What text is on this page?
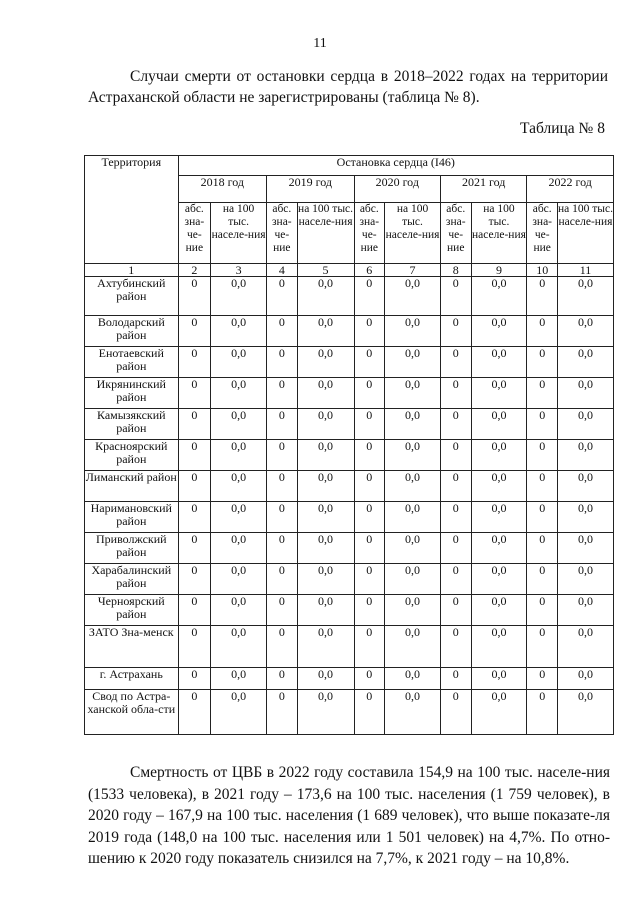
11

Случаи смерти от остановки сердца в 2018–2022 годах на территории Астраханской области не зарегистрированы (таблица № 8).

Таблица № 8
Территория	Остановка сердца (I46)									
	2018 год		2019 год		2020 год		2021 год		2022 год	
	абс. зна-че-ние	на 100 тыс. населе-ния	абс. зна-че-ние	на 100 тыс. населе-ния	абс. зна-че-ние	на 100 тыс. населе-ния	абс. зна-че-ние	на 100 тыс. населе-ния	абс. зна-че-ние	на 100 тыс. населе-ния
1	2	3	4	5	6	7	8	9	10	11
Ахтубинский район	0	0,0	0	0,0	0	0,0	0	0,0	0	0,0
Володарский район	0	0,0	0	0,0	0	0,0	0	0,0	0	0,0
Енотаевский район	0	0,0	0	0,0	0	0,0	0	0,0	0	0,0
Икрянинский район	0	0,0	0	0,0	0	0,0	0	0,0	0	0,0
Камызякский район	0	0,0	0	0,0	0	0,0	0	0,0	0	0,0
Красноярский район	0	0,0	0	0,0	0	0,0	0	0,0	0	0,0
Лиманский район	0	0,0	0	0,0	0	0,0	0	0,0	0	0,0
Наримановский район	0	0,0	0	0,0	0	0,0	0	0,0	0	0,0
Приволжский район	0	0,0	0	0,0	0	0,0	0	0,0	0	0,0
Харабалинский район	0	0,0	0	0,0	0	0,0	0	0,0	0	0,0
Черноярский район	0	0,0	0	0,0	0	0,0	0	0,0	0	0,0
ЗАТО Зна-менск	0	0,0	0	0,0	0	0,0	0	0,0	0	0,0
г. Астрахань	0	0,0	0	0,0	0	0,0	0	0,0	0	0,0
Свод по Астра-ханской обла-сти	0	0,0	0	0,0	0	0,0	0	0,0	0	0,0

Смертность от ЦВБ в 2022 году составила 154,9 на 100 тыс. населе-ния (1533 человека), в 2021 году – 173,6 на 100 тыс. населения (1 759 человек), в 2020 году – 167,9 на 100 тыс. населения (1 689 человек), что выше показате-ля 2019 года (148,0 на 100 тыс. населения или 1 501 человек) на 4,7%. По отно-шению к 2020 году показатель снизился на 7,7%, к 2021 году – на 10,8%.
